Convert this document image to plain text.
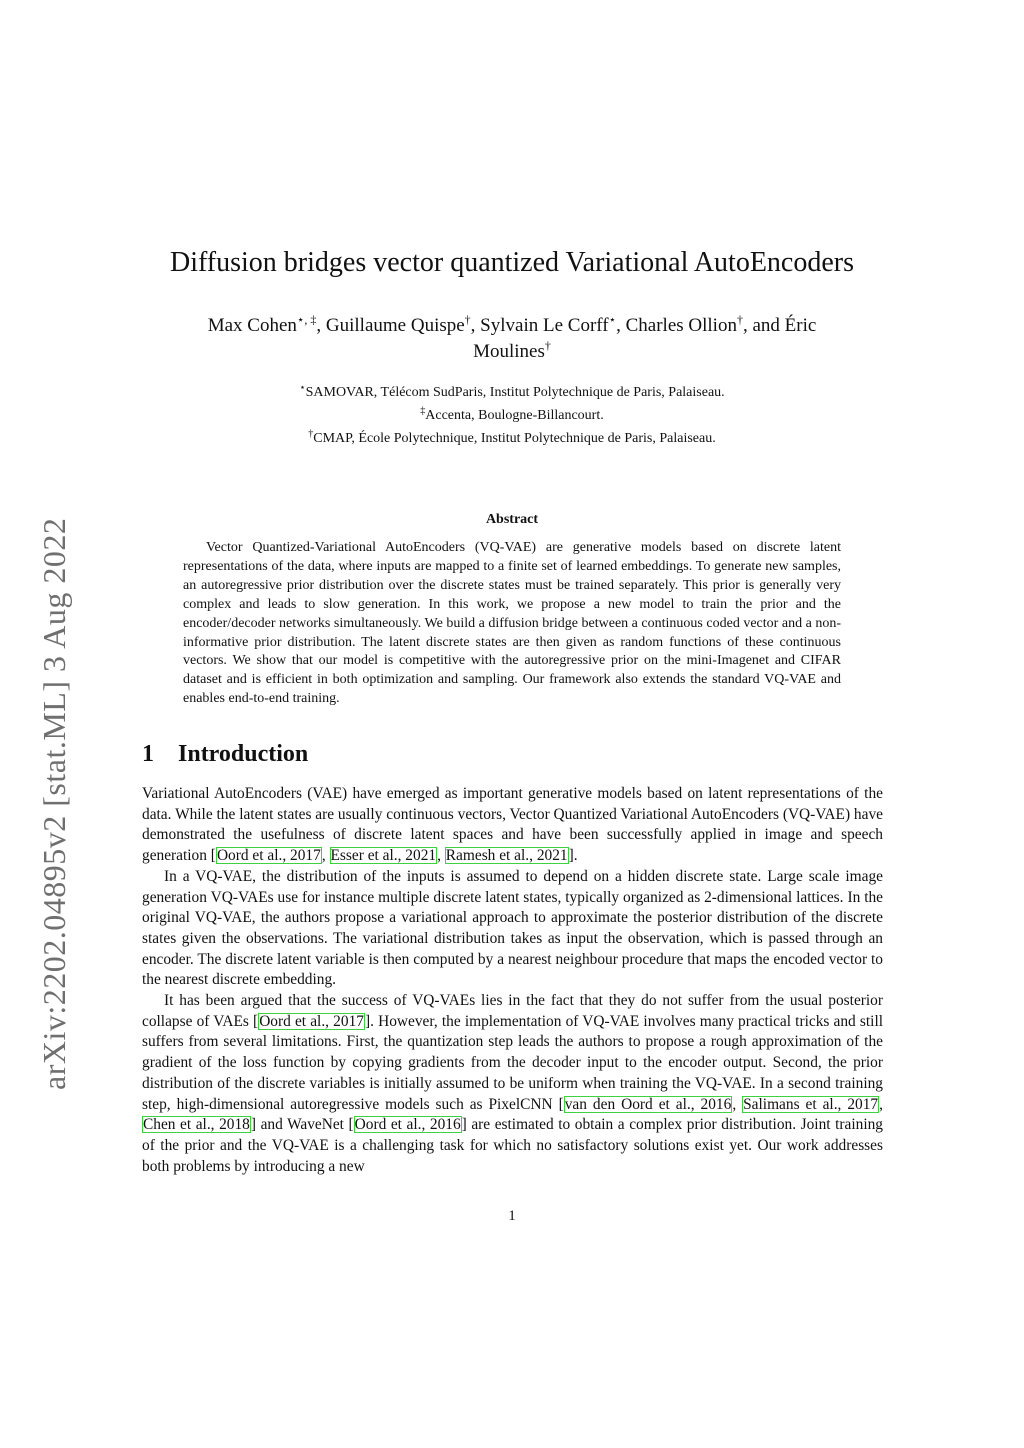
arXiv:2202.04895v2 [stat.ML] 3 Aug 2022
Diffusion bridges vector quantized Variational AutoEncoders
Max Cohen⋆, ‡, Guillaume Quispe†, Sylvain Le Corff⋆, Charles Ollion†, and Éric Moulines†
⋆SAMOVAR, Télécom SudParis, Institut Polytechnique de Paris, Palaiseau.
‡Accenta, Boulogne-Billancourt.
†CMAP, École Polytechnique, Institut Polytechnique de Paris, Palaiseau.
Abstract
Vector Quantized-Variational AutoEncoders (VQ-VAE) are generative models based on discrete latent representations of the data, where inputs are mapped to a finite set of learned embeddings. To generate new samples, an autoregressive prior distribution over the discrete states must be trained separately. This prior is generally very complex and leads to slow generation. In this work, we propose a new model to train the prior and the encoder/decoder networks simultaneously. We build a diffusion bridge between a continuous coded vector and a non-informative prior distribution. The latent discrete states are then given as random functions of these continuous vectors. We show that our model is competitive with the autoregressive prior on the mini-Imagenet and CIFAR dataset and is efficient in both optimization and sampling. Our framework also extends the standard VQ-VAE and enables end-to-end training.
1 Introduction

Variational AutoEncoders (VAE) have emerged as important generative models based on latent representations of the data. While the latent states are usually continuous vectors, Vector Quantized Variational AutoEncoders (VQ-VAE) have demonstrated the usefulness of discrete latent spaces and have been successfully applied in image and speech generation [Oord et al., 2017, Esser et al., 2021, Ramesh et al., 2021].

In a VQ-VAE, the distribution of the inputs is assumed to depend on a hidden discrete state. Large scale image generation VQ-VAEs use for instance multiple discrete latent states, typically organized as 2-dimensional lattices. In the original VQ-VAE, the authors propose a variational approach to approximate the posterior distribution of the discrete states given the observations. The variational distribution takes as input the observation, which is passed through an encoder. The discrete latent variable is then computed by a nearest neighbour procedure that maps the encoded vector to the nearest discrete embedding.

It has been argued that the success of VQ-VAEs lies in the fact that they do not suffer from the usual posterior collapse of VAEs [Oord et al., 2017]. However, the implementation of VQ-VAE involves many practical tricks and still suffers from several limitations. First, the quantization step leads the authors to propose a rough approximation of the gradient of the loss function by copying gradients from the decoder input to the encoder output. Second, the prior distribution of the discrete variables is initially assumed to be uniform when training the VQ-VAE. In a second training step, high-dimensional autoregressive models such as PixelCNN [van den Oord et al., 2016, Salimans et al., 2017, Chen et al., 2018] and WaveNet [Oord et al., 2016] are estimated to obtain a complex prior distribution. Joint training of the prior and the VQ-VAE is a challenging task for which no satisfactory solutions exist yet. Our work addresses both problems by introducing a new

1
